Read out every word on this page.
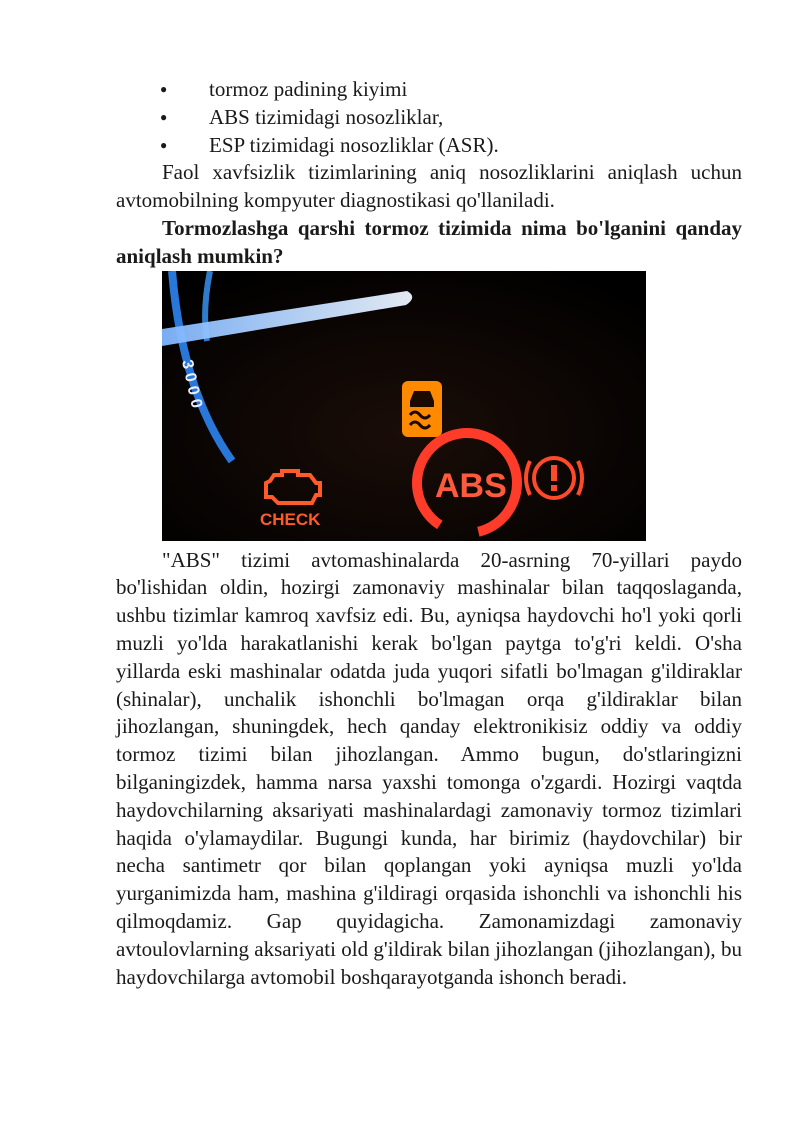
● tormoz padining kiyimi
● ABS tizimidagi nosozliklar,
● ESP tizimidagi nosozliklar (ASR).

Faol xavfsizlik tizimlarining aniq nosozliklarini aniqlash uchun avtomobilning kompyuter diagnostikasi qo'llaniladi.

Tormozlashga qarshi tormoz tizimida nima bo'lganini qanday aniqlash mumkin?

3 0 0 0
ABS
CHECK

"ABS" tizimi avtomashinalarda 20-asrning 70-yillari paydo bo'lishidan oldin, hozirgi zamonaviy mashinalar bilan taqqoslaganda, ushbu tizimlar kamroq xavfsiz edi. Bu, ayniqsa haydovchi ho'l yoki qorli muzli yo'lda harakatlanishi kerak bo'lgan paytga to'g'ri keldi. O'sha yillarda eski mashinalar odatda juda yuqori sifatli bo'lmagan g'ildiraklar (shinalar), unchalik ishonchli bo'lmagan orqa g'ildiraklar bilan jihozlangan, shuningdek, hech qanday elektronikisiz oddiy va oddiy tormoz tizimi bilan jihozlangan. Ammo bugun, do'stlaringizni bilganingizdek, hamma narsa yaxshi tomonga o'zgardi. Hozirgi vaqtda haydovchilarning aksariyati mashinalardagi zamonaviy tormoz tizimlari haqida o'ylamaydilar. Bugungi kunda, har birimiz (haydovchilar) bir necha santimetr qor bilan qoplangan yoki ayniqsa muzli yo'lda yurganimizda ham, mashina g'ildiragi orqasida ishonchli va ishonchli his qilmoqdamiz. Gap quyidagicha. Zamonamizdagi zamonaviy avtoulovlarning aksariyati old g'ildirak bilan jihozlangan (jihozlangan), bu haydovchilarga avtomobil boshqarayotganda ishonch beradi.
